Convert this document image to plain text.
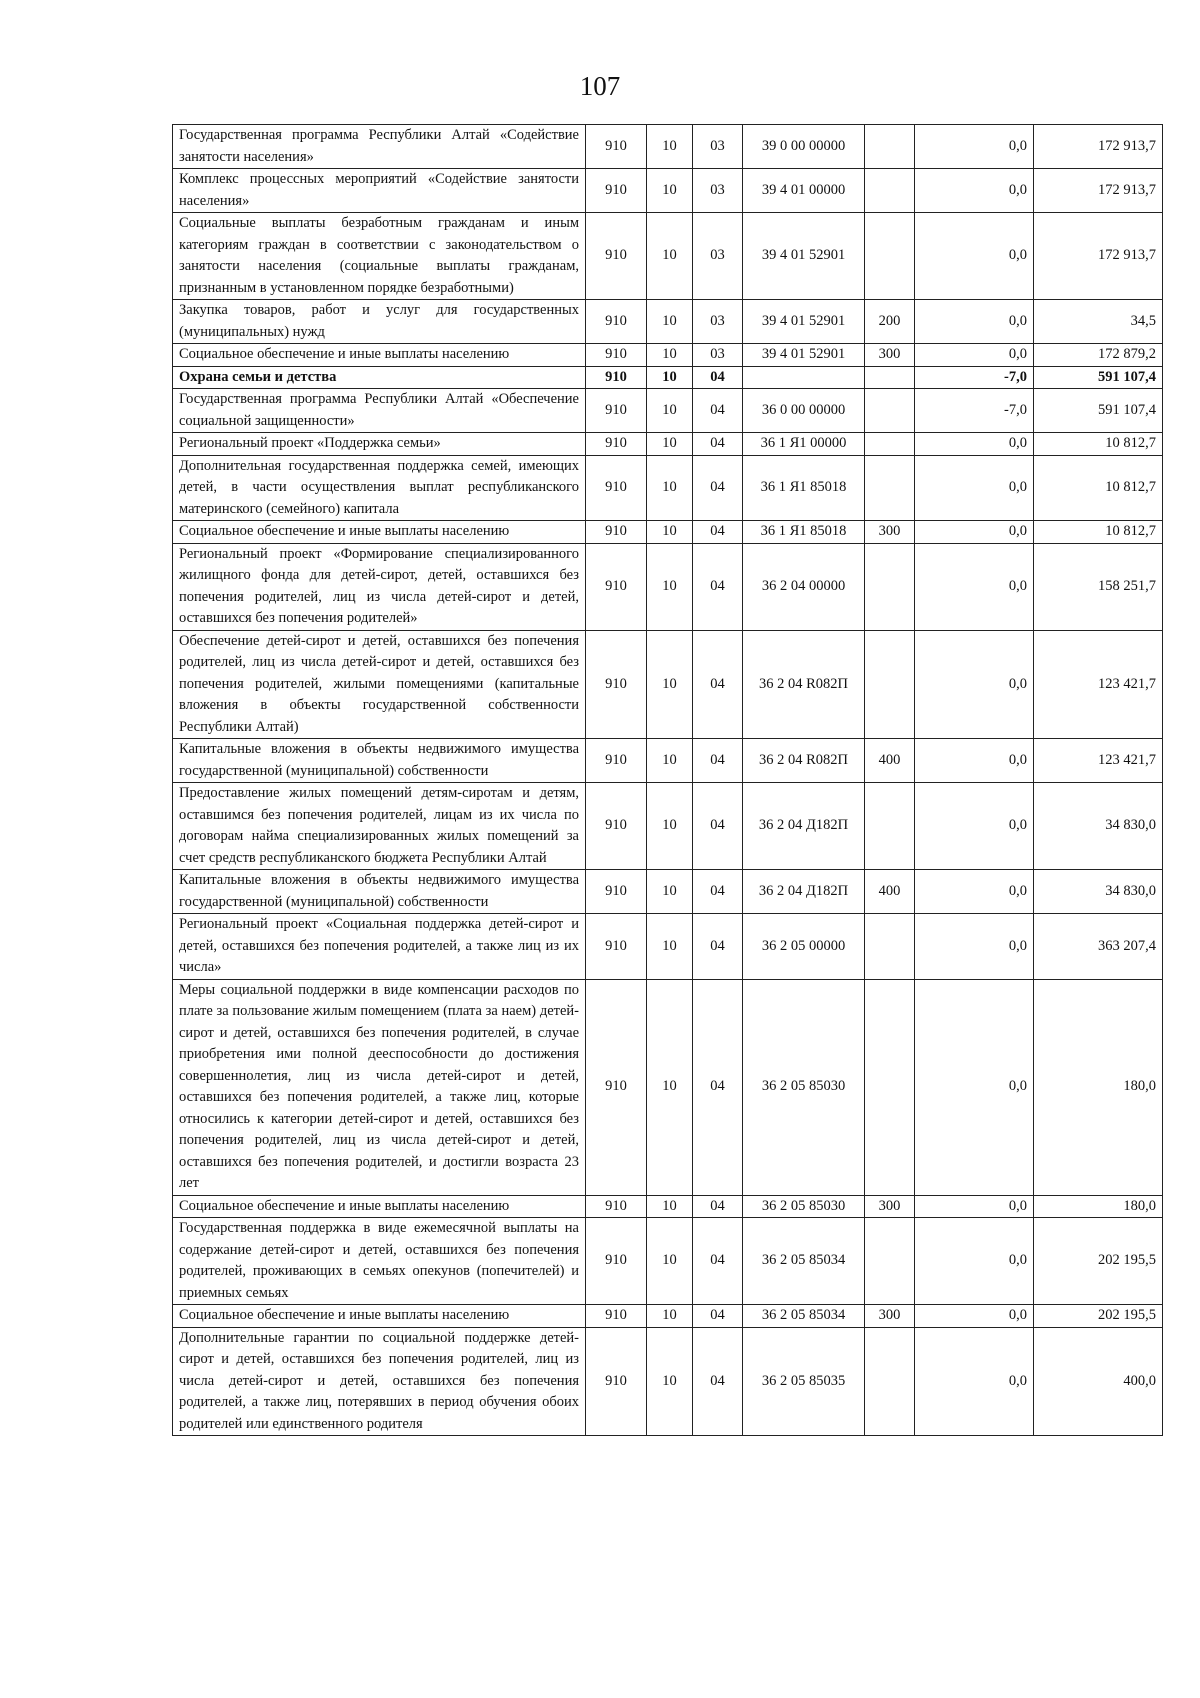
107
Государственная программа Республики Алтай «Содействие занятости населения»	910	10	03	39 0 00 00000		0,0	172 913,7
Комплекс процессных мероприятий «Содействие занятости населения»	910	10	03	39 4 01 00000		0,0	172 913,7
Социальные выплаты безработным гражданам и иным категориям граждан в соответствии с законодательством о занятости населения (социальные выплаты гражданам, признанным в установленном порядке безработными)	910	10	03	39 4 01 52901		0,0	172 913,7
Закупка товаров, работ и услуг для государственных (муниципальных) нужд	910	10	03	39 4 01 52901	200	0,0	34,5
Социальное обеспечение и иные выплаты населению	910	10	03	39 4 01 52901	300	0,0	172 879,2
Охрана семьи и детства	910	10	04			-7,0	591 107,4
Государственная программа Республики Алтай «Обеспечение социальной защищенности»	910	10	04	36 0 00 00000		-7,0	591 107,4
Региональный проект «Поддержка семьи»	910	10	04	36 1 Я1 00000		0,0	10 812,7
Дополнительная государственная поддержка семей, имеющих детей, в части осуществления выплат республиканского материнского (семейного) капитала	910	10	04	36 1 Я1 85018		0,0	10 812,7
Социальное обеспечение и иные выплаты населению	910	10	04	36 1 Я1 85018	300	0,0	10 812,7
Региональный проект «Формирование специализированного жилищного фонда для детей-сирот, детей, оставшихся без попечения родителей, лиц из числа детей-сирот и детей, оставшихся без попечения родителей»	910	10	04	36 2 04 00000		0,0	158 251,7
Обеспечение детей-сирот и детей, оставшихся без попечения родителей, лиц из числа детей-сирот и детей, оставшихся без попечения родителей, жилыми помещениями (капитальные вложения в объекты государственной собственности Республики Алтай)	910	10	04	36 2 04 R082П		0,0	123 421,7
Капитальные вложения в объекты недвижимого имущества государственной (муниципальной) собственности	910	10	04	36 2 04 R082П	400	0,0	123 421,7
Предоставление жилых помещений детям-сиротам и детям, оставшимся без попечения родителей, лицам из их числа по договорам найма специализированных жилых помещений за счет средств республиканского бюджета Республики Алтай	910	10	04	36 2 04 Д182П		0,0	34 830,0
Капитальные вложения в объекты недвижимого имущества государственной (муниципальной) собственности	910	10	04	36 2 04 Д182П	400	0,0	34 830,0
Региональный проект «Социальная поддержка детей-сирот и детей, оставшихся без попечения родителей, а также лиц из их числа»	910	10	04	36 2 05 00000		0,0	363 207,4
Меры социальной поддержки в виде компенсации расходов по плате за пользование жилым помещением (плата за наем) детей-сирот и детей, оставшихся без попечения родителей, в случае приобретения ими полной дееспособности до достижения совершеннолетия, лиц из числа детей-сирот и детей, оставшихся без попечения родителей, а также лиц, которые относились к категории детей-сирот и детей, оставшихся без попечения родителей, лиц из числа детей-сирот и детей, оставшихся без попечения родителей, и достигли возраста 23 лет	910	10	04	36 2 05 85030		0,0	180,0
Социальное обеспечение и иные выплаты населению	910	10	04	36 2 05 85030	300	0,0	180,0
Государственная поддержка в виде ежемесячной выплаты на содержание детей-сирот и детей, оставшихся без попечения родителей, проживающих в семьях опекунов (попечителей) и приемных семьях	910	10	04	36 2 05 85034		0,0	202 195,5
Социальное обеспечение и иные выплаты населению	910	10	04	36 2 05 85034	300	0,0	202 195,5
Дополнительные гарантии по социальной поддержке детей-сирот и детей, оставшихся без попечения родителей, лиц из числа детей-сирот и детей, оставшихся без попечения родителей, а также лиц, потерявших в период обучения обоих родителей или единственного родителя	910	10	04	36 2 05 85035		0,0	400,0
